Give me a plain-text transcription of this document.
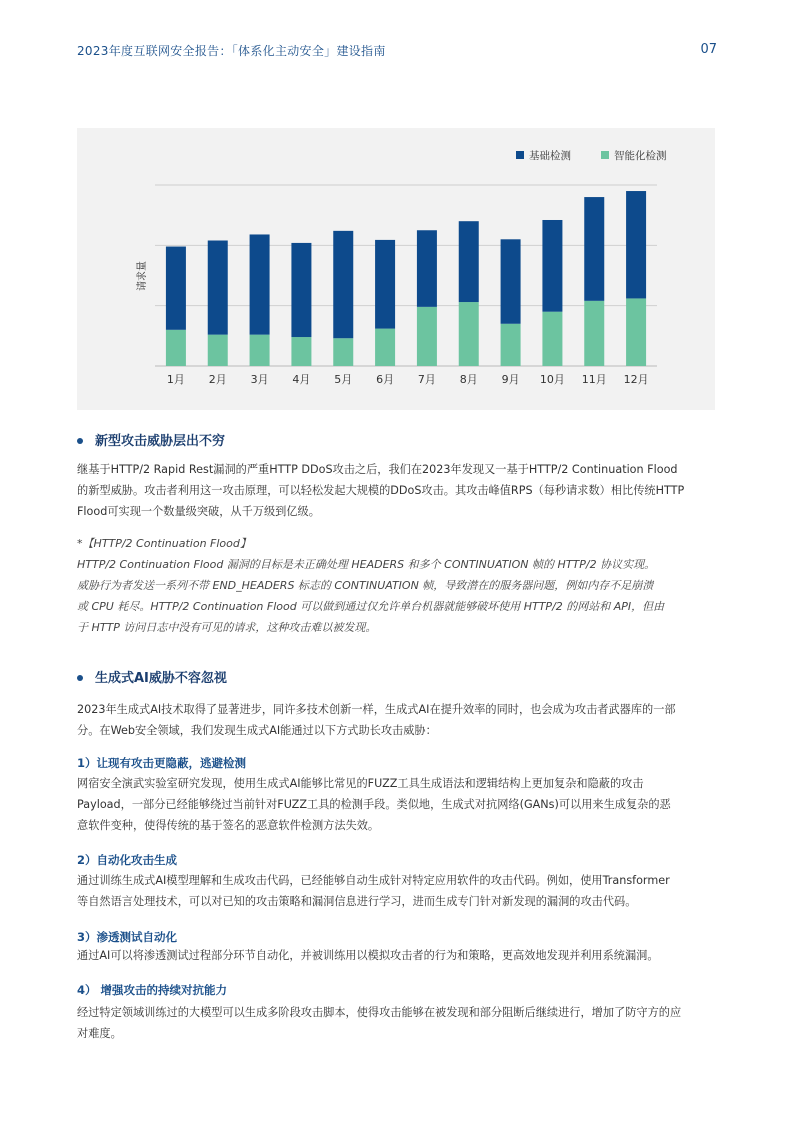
2023年度互联网安全报告：「体系化主动安全」建设指南	07
1月 2月 3月 4月 5月 6月 7月 8月 9月 10月 11月 12月
请求量
基础检测	智能化检测
新型攻击威胁层出不穷
继基于HTTP/2 Rapid Rest漏洞的严重HTTP DDoS攻击之后，我们在2023年发现又一基于HTTP/2 Continuation Flood
的新型威胁。攻击者利用这一攻击原理，可以轻松发起大规模的DDoS攻击。其攻击峰值RPS（每秒请求数）相比传统HTTP
Flood可实现一个数量级突破，从千万级到亿级。
*【HTTP/2 Continuation Flood】
HTTP/2 Continuation Flood 漏洞的目标是未正确处理 HEADERS 和多个 CONTINUATION 帧的 HTTP/2 协议实现。
威胁行为者发送一系列不带 END_HEADERS 标志的 CONTINUATION 帧，导致潜在的服务器问题，例如内存不足崩溃
或 CPU 耗尽。HTTP/2 Continuation Flood 可以做到通过仅允许单台机器就能够破坏使用 HTTP/2 的网站和 API，但由
于 HTTP 访问日志中没有可见的请求，这种攻击难以被发现。
生成式AI威胁不容忽视
2023年生成式AI技术取得了显著进步，同许多技术创新一样，生成式AI在提升效率的同时，也会成为攻击者武器库的一部
分。在Web安全领域，我们发现生成式AI能通过以下方式助长攻击威胁：
1）让现有攻击更隐蔽，逃避检测
网宿安全演武实验室研究发现，使用生成式AI能够比常见的FUZZ工具生成语法和逻辑结构上更加复杂和隐蔽的攻击
Payload，一部分已经能够绕过当前针对FUZZ工具的检测手段。类似地，生成式对抗网络(GANs)可以用来生成复杂的恶
意软件变种，使得传统的基于签名的恶意软件检测方法失效。
2）自动化攻击生成
通过训练生成式AI模型理解和生成攻击代码，已经能够自动生成针对特定应用软件的攻击代码。例如，使用Transformer
等自然语言处理技术，可以对已知的攻击策略和漏洞信息进行学习，进而生成专门针对新发现的漏洞的攻击代码。
3）渗透测试自动化
通过AI可以将渗透测试过程部分环节自动化，并被训练用以模拟攻击者的行为和策略，更高效地发现并利用系统漏洞。
4） 增强攻击的持续对抗能力
经过特定领域训练过的大模型可以生成多阶段攻击脚本，使得攻击能够在被发现和部分阻断后继续进行，增加了防守方的应
对难度。
